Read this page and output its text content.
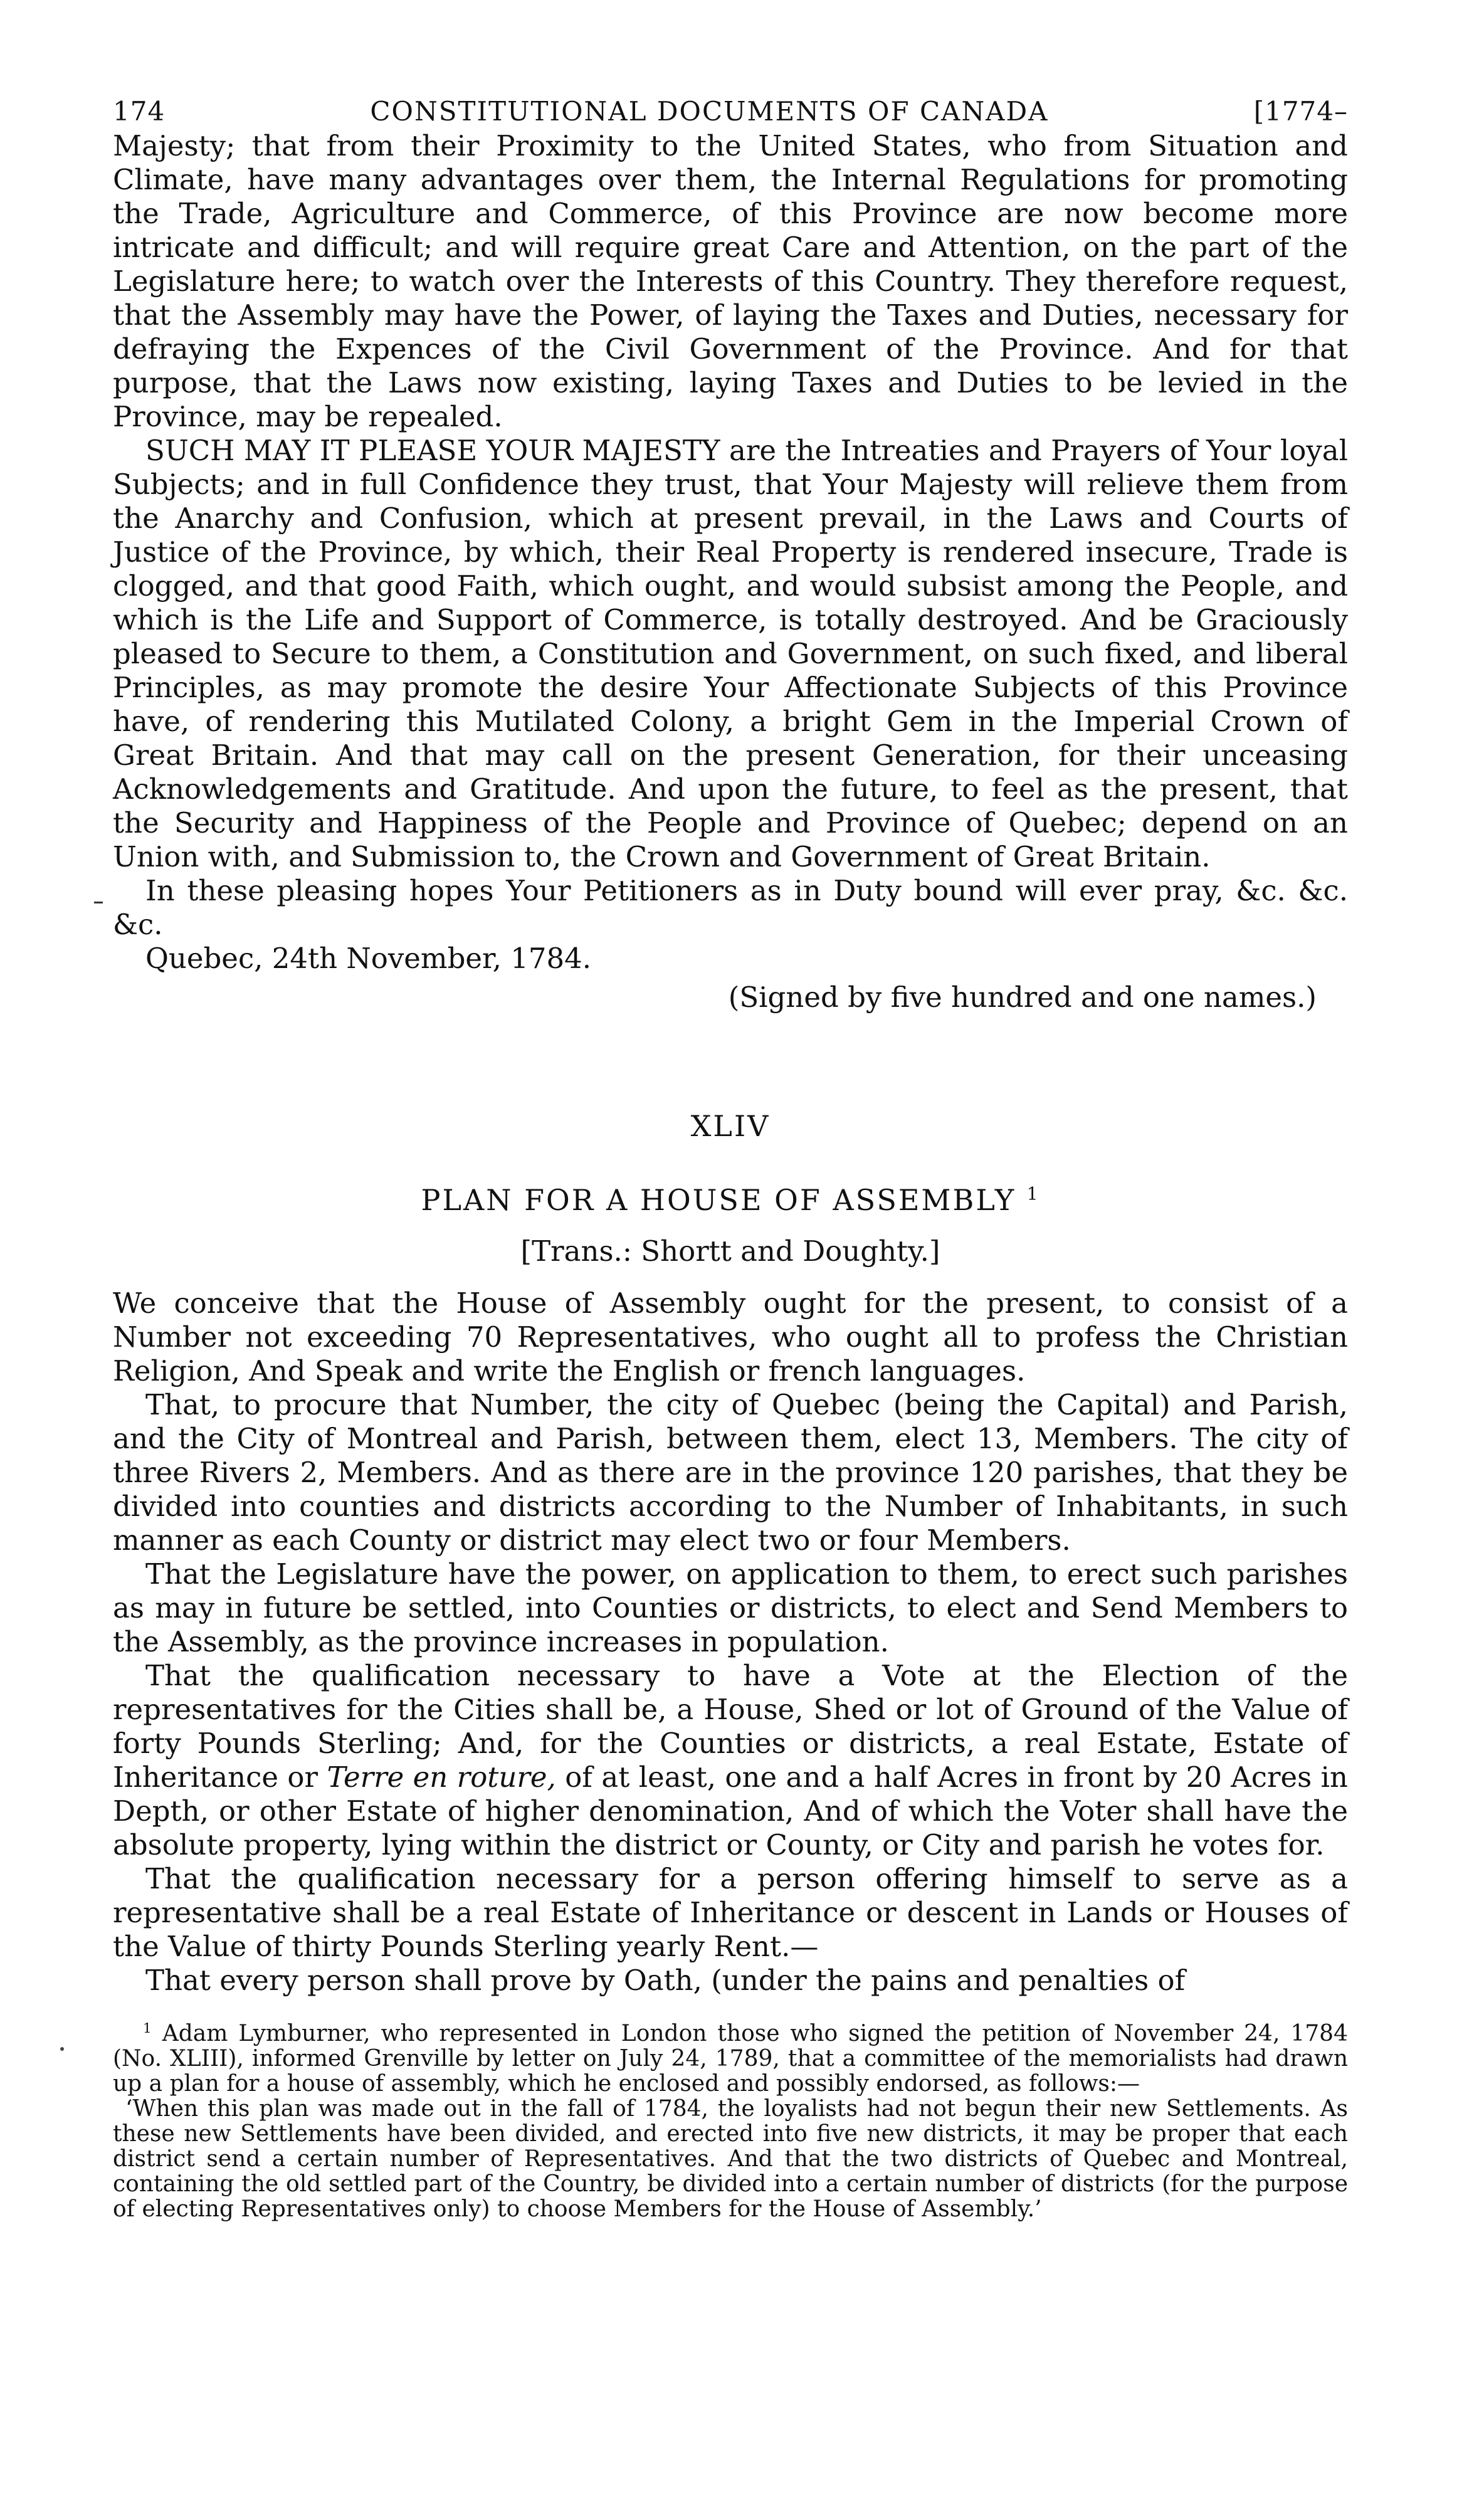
174	CONSTITUTIONAL DOCUMENTS OF CANADA	[1774–

Majesty; that from their Proximity to the United States, who from Situation and Climate, have many advantages over them, the Internal Regulations for promoting the Trade, Agriculture and Commerce, of this Province are now become more intricate and difficult; and will require great Care and Attention, on the part of the Legislature here; to watch over the Interests of this Country. They therefore request, that the Assembly may have the Power, of laying the Taxes and Duties, necessary for defraying the Expences of the Civil Government of the Province. And for that purpose, that the Laws now existing, laying Taxes and Duties to be levied in the Province, may be repealed.

SUCH MAY IT PLEASE YOUR MAJESTY are the Intreaties and Prayers of Your loyal Subjects; and in full Confidence they trust, that Your Majesty will relieve them from the Anarchy and Confusion, which at present prevail, in the Laws and Courts of Justice of the Province, by which, their Real Property is rendered insecure, Trade is clogged, and that good Faith, which ought, and would subsist among the People, and which is the Life and Support of Commerce, is totally destroyed. And be Graciously pleased to Secure to them, a Constitution and Government, on such fixed, and liberal Principles, as may promote the desire Your Affectionate Subjects of this Province have, of rendering this Mutilated Colony, a bright Gem in the Imperial Crown of Great Britain. And that may call on the present Generation, for their unceasing Acknowledgements and Gratitude. And upon the future, to feel as the present, that the Security and Happiness of the People and Province of Quebec; depend on an Union with, and Submission to, the Crown and Government of Great Britain.

In these pleasing hopes Your Petitioners as in Duty bound will ever pray, &c. &c. &c.

Quebec, 24th November, 1784.

(Signed by five hundred and one names.)

XLIV
PLAN FOR A HOUSE OF ASSEMBLY $^1$
[Trans.: Shortt and Doughty.]

We conceive that the House of Assembly ought for the present, to consist of a Number not exceeding 70 Representatives, who ought all to profess the Christian Religion, And Speak and write the English or french languages.

That, to procure that Number, the city of Quebec (being the Capital) and Parish, and the City of Montreal and Parish, between them, elect 13, Members. The city of three Rivers 2, Members. And as there are in the province 120 parishes, that they be divided into counties and districts according to the Number of Inhabitants, in such manner as each County or district may elect two or four Members.

That the Legislature have the power, on application to them, to erect such parishes as may in future be settled, into Counties or districts, to elect and Send Members to the Assembly, as the province increases in population.

That the qualification necessary to have a Vote at the Election of the representatives for the Cities shall be, a House, Shed or lot of Ground of the Value of forty Pounds Sterling; And, for the Counties or districts, a real Estate, Estate of Inheritance or Terre en roture, of at least, one and a half Acres in front by 20 Acres in Depth, or other Estate of higher denomination, And of which the Voter shall have the absolute property, lying within the district or County, or City and parish he votes for.

That the qualification necessary for a person offering himself to serve as a representative shall be a real Estate of Inheritance or descent in Lands or Houses of the Value of thirty Pounds Sterling yearly Rent.—

That every person shall prove by Oath, (under the pains and penalties of

$^1$ Adam Lymburner, who represented in London those who signed the petition of November 24, 1784 (No. XLIII), informed Grenville by letter on July 24, 1789, that a committee of the memorialists had drawn up a plan for a house of assembly, which he enclosed and possibly endorsed, as follows:—

‘When this plan was made out in the fall of 1784, the loyalists had not begun their new Settlements. As these new Settlements have been divided, and erected into five new districts, it may be proper that each district send a certain number of Representatives. And that the two districts of Quebec and Montreal, containing the old settled part of the Country, be divided into a certain number of districts (for the purpose of electing Representatives only) to choose Members for the House of Assembly.’
